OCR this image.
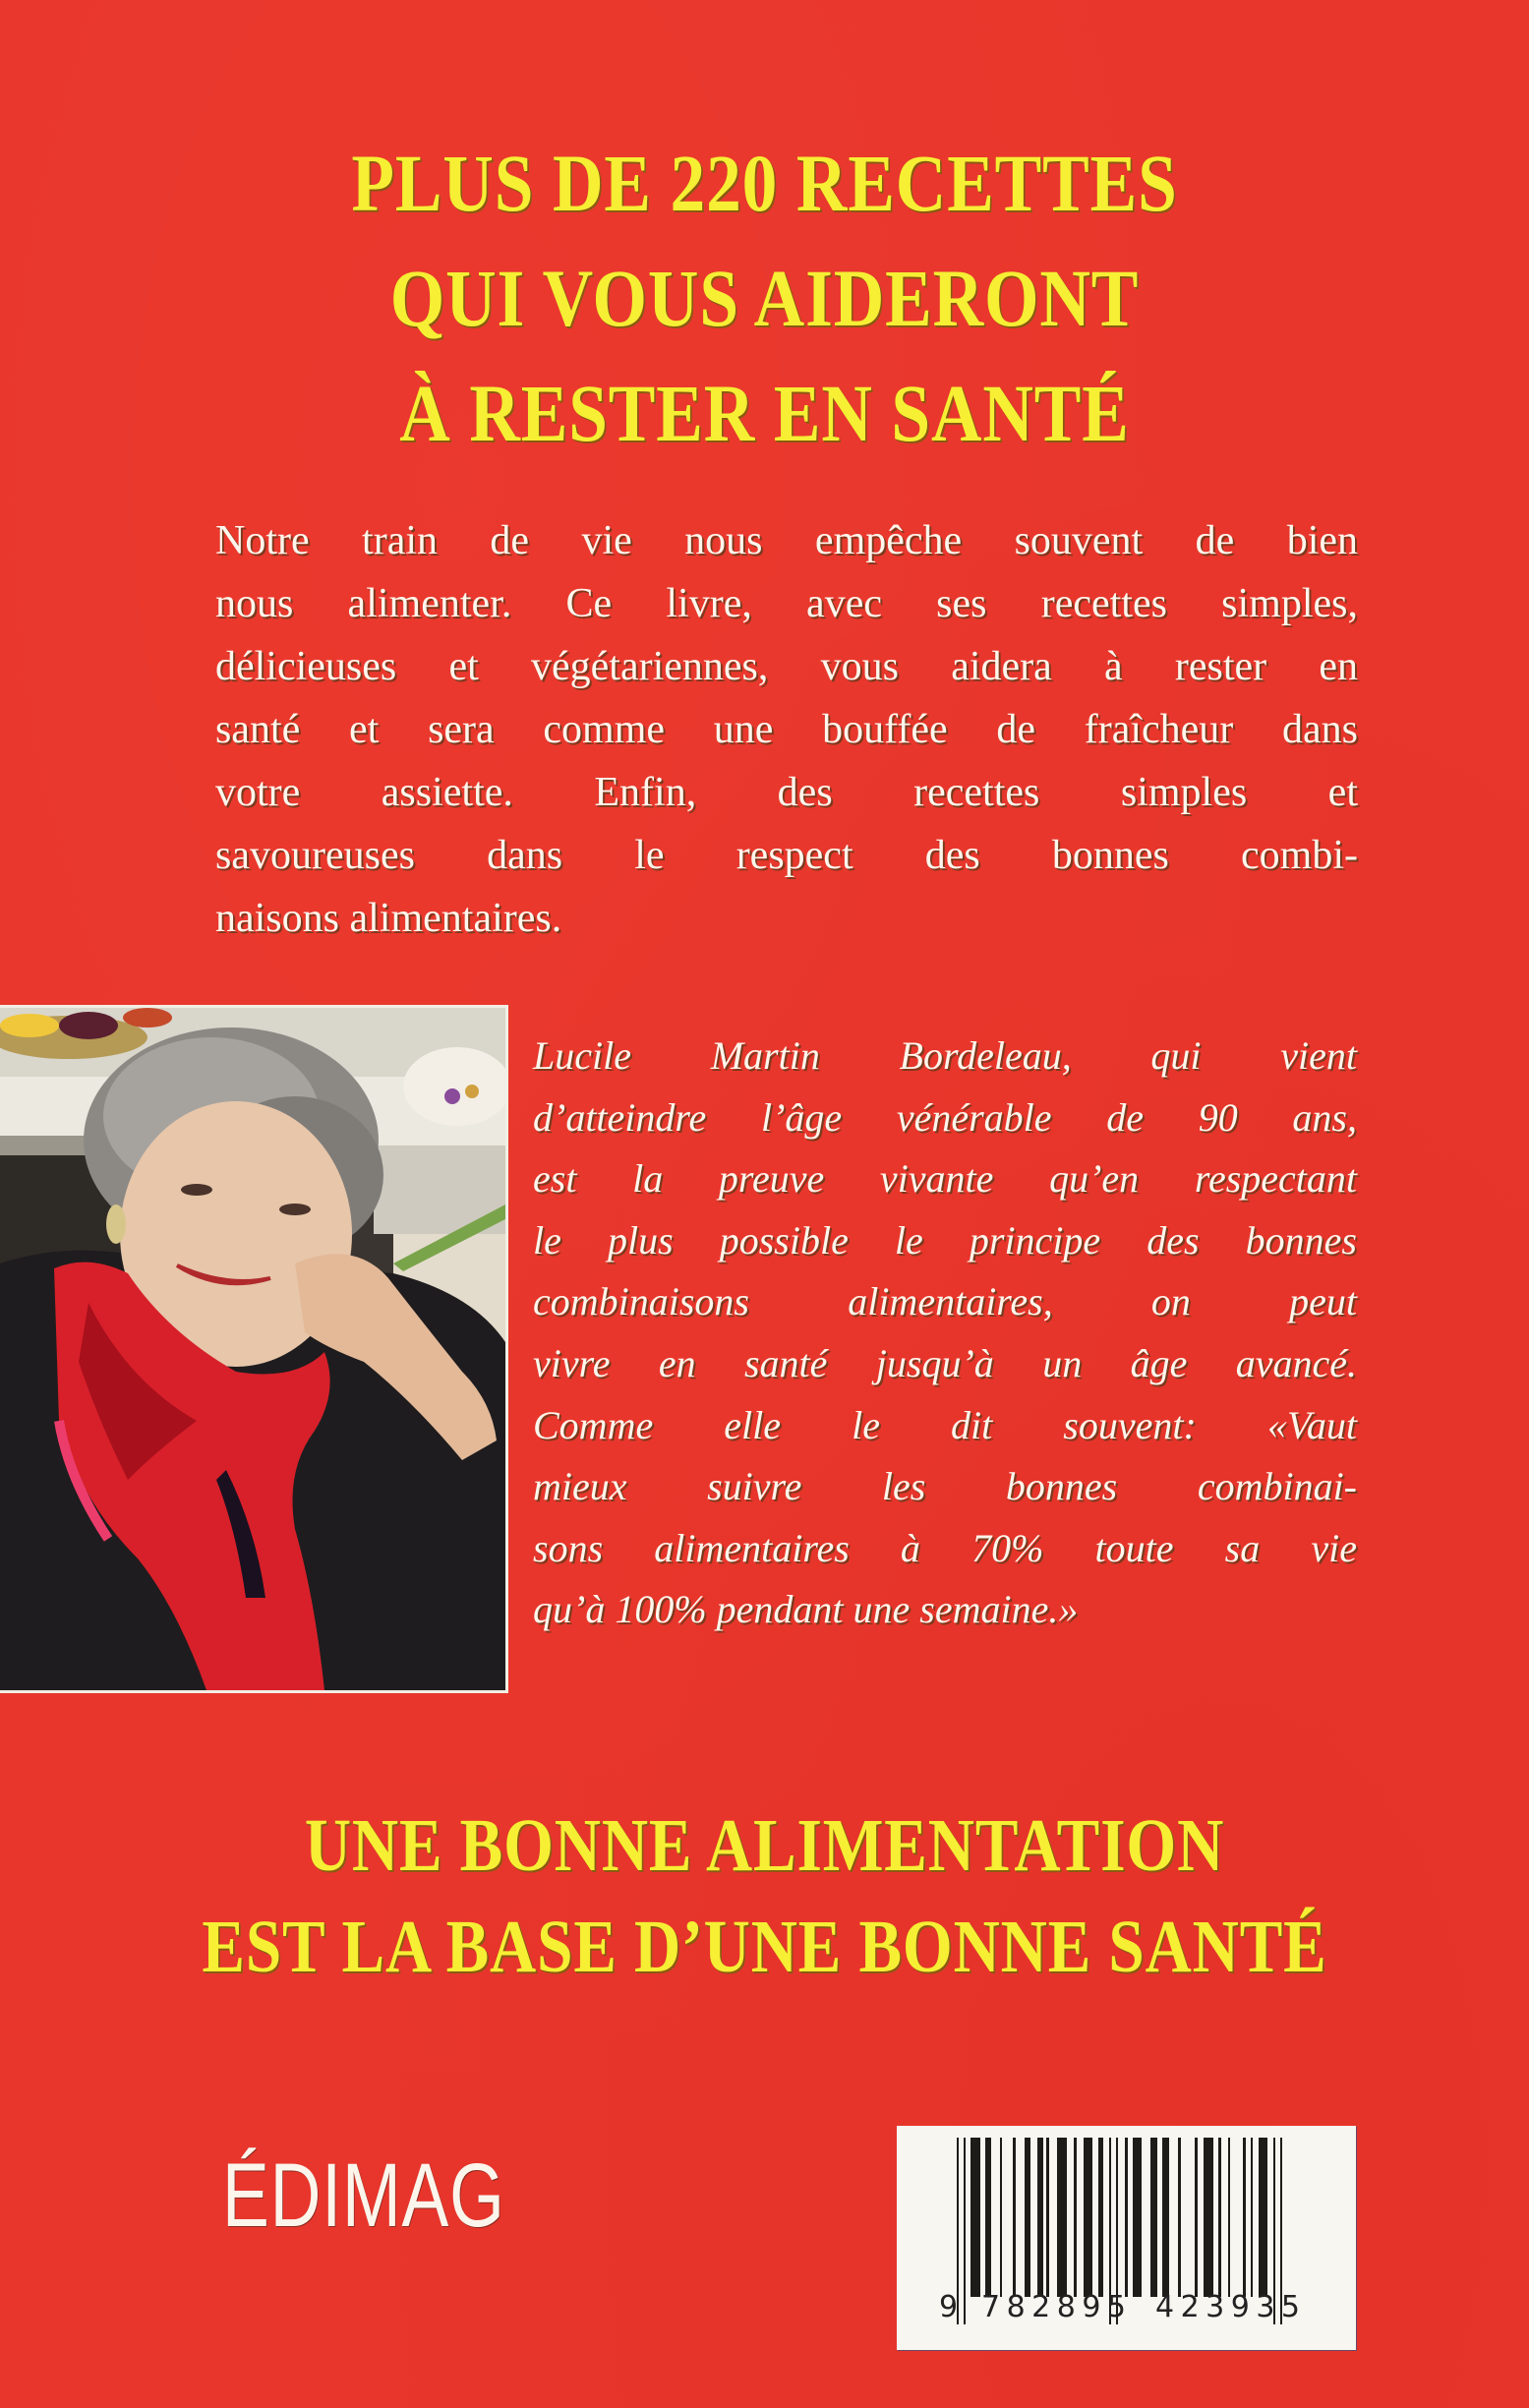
PLUS DE 220 RECETTES
QUI VOUS AIDERONT
À RESTER EN SANTÉ

Notre train de vie nous empêche souvent de bien
nous alimenter. Ce livre, avec ses recettes simples,
délicieuses et végétariennes, vous aidera à rester en
santé et sera comme une bouffée de fraîcheur dans
votre assiette. Enfin, des recettes simples et
savoureuses dans le respect des bonnes combi-
naisons alimentaires.

Lucile Martin Bordeleau, qui vient
d’atteindre l’âge vénérable de 90 ans,
est la preuve vivante qu’en respectant
le plus possible le principe des bonnes
combinaisons alimentaires, on peut
vivre en santé jusqu’à un âge avancé.
Comme elle le dit souvent: «Vaut
mieux suivre les bonnes combinai-
sons alimentaires à 70% toute sa vie
qu’à 100% pendant une semaine.»

UNE BONNE ALIMENTATION
EST LA BASE D’UNE BONNE SANTÉ
ÉDIMAG
9 782895 423935
